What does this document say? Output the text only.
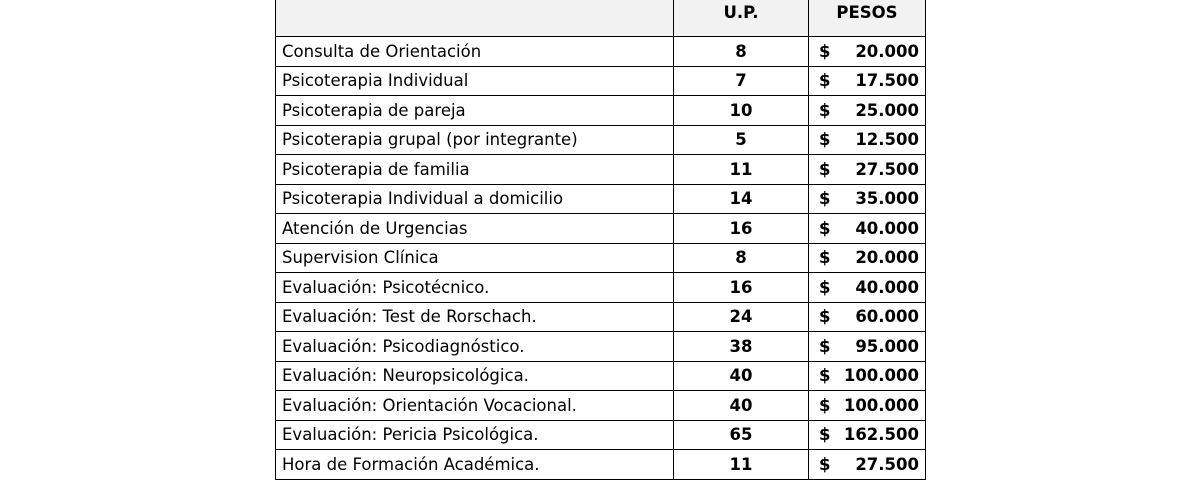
	U.P.	PESOS
Consulta de Orientación	8	$ 20.000

Psicoterapia Individual	7	$ 17.500

Psicoterapia de pareja	10	$ 25.000

Psicoterapia grupal (por integrante)	5	$ 12.500

Psicoterapia de familia	11	$ 27.500

Psicoterapia Individual a domicilio	14	$ 35.000

Atención de Urgencias	16	$ 40.000

Supervision Clínica	8	$ 20.000

Evaluación: Psicotécnico.	16	$ 40.000

Evaluación: Test de Rorschach.	24	$ 60.000

Evaluación: Psicodiagnóstico.	38	$ 95.000

Evaluación: Neuropsicológica.	40	$ 100.000

Evaluación: Orientación Vocacional.	40	$ 100.000

Evaluación: Pericia Psicológica.	65	$ 162.500

Hora de Formación Académica.	11	$ 27.500
